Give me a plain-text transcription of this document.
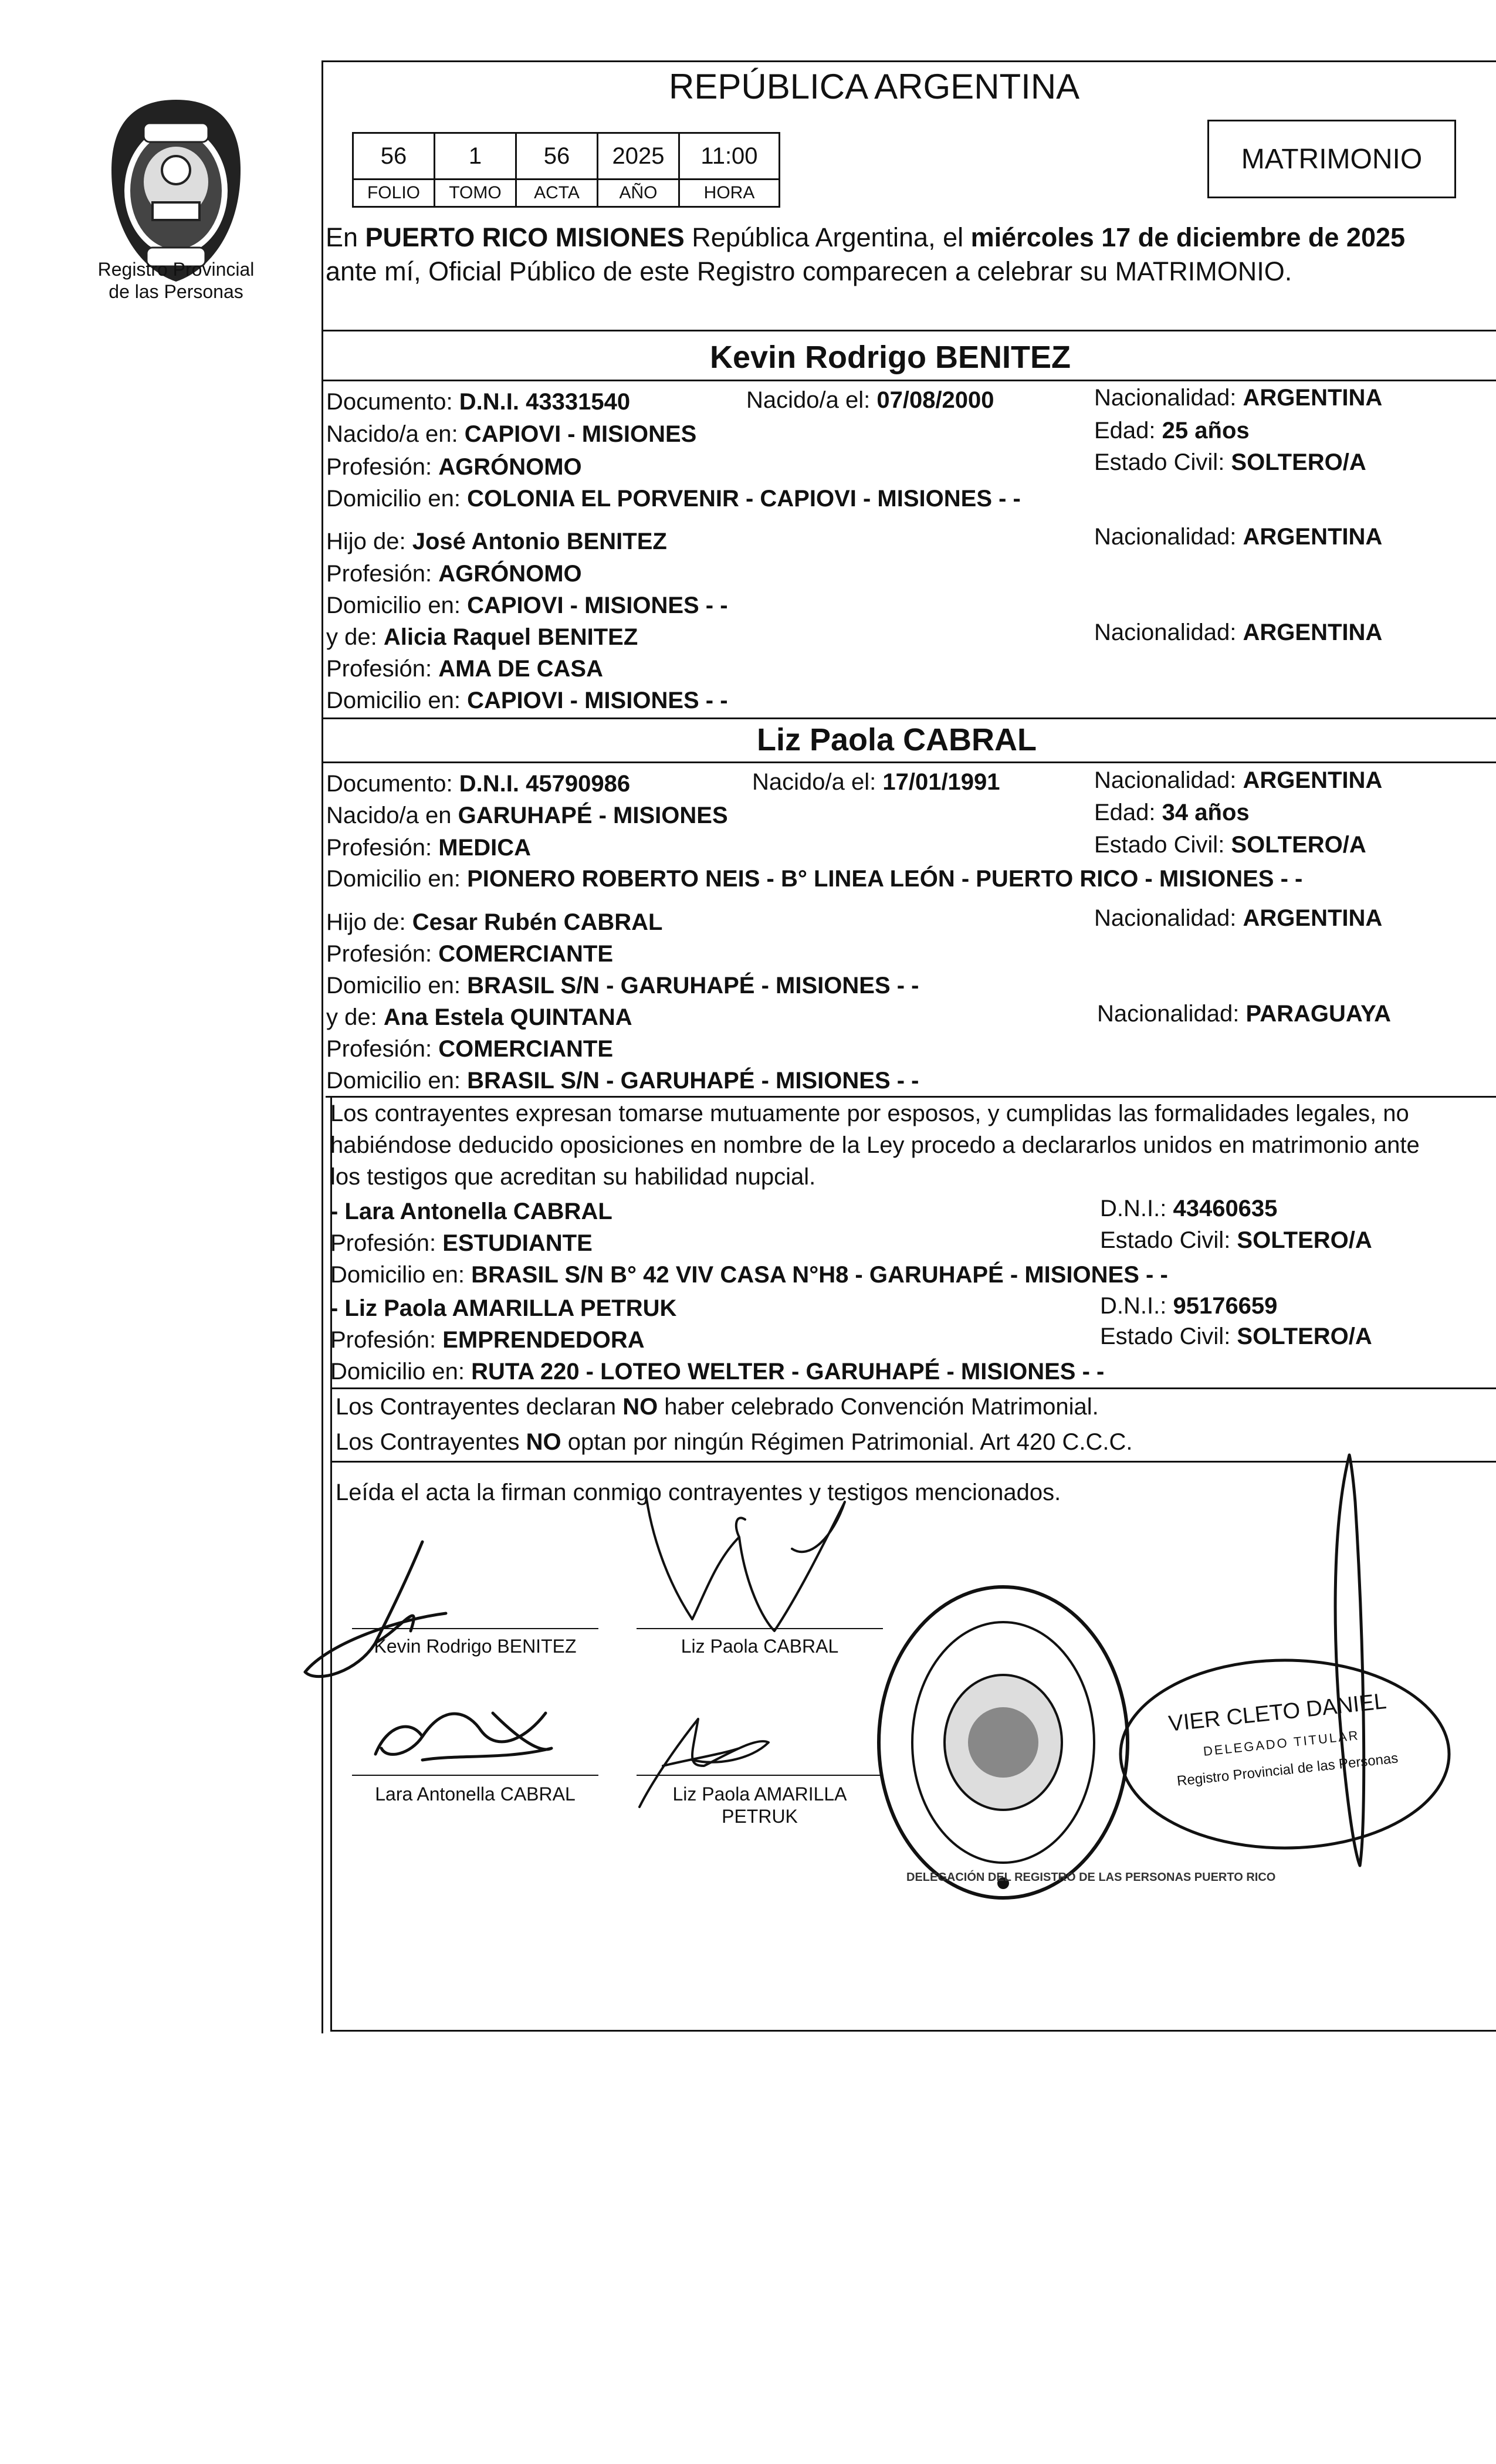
Registro Provincial
de las Personas
REPÚBLICA ARGENTINA
56	1	56	2025	11:00
FOLIO	TOMO	ACTA	AÑO	HORA
MATRIMONIO
En PUERTO RICO MISIONES República Argentina, el miércoles 17 de diciembre de 2025
ante mí, Oficial Público de este Registro comparecen a celebrar su MATRIMONIO.
Kevin Rodrigo BENITEZ
Documento: D.N.I. 43331540	Nacido/a el: 07/08/2000	Nacionalidad: ARGENTINA
Nacido/a en: CAPIOVI - MISIONES	Edad: 25 años
Profesión: AGRÓNOMO	Estado Civil: SOLTERO/A
Domicilio en: COLONIA EL PORVENIR - CAPIOVI - MISIONES - -
Hijo de: José Antonio BENITEZ	Nacionalidad: ARGENTINA
Profesión: AGRÓNOMO
Domicilio en: CAPIOVI - MISIONES - -
y de: Alicia Raquel BENITEZ	Nacionalidad: ARGENTINA
Profesión: AMA DE CASA
Domicilio en: CAPIOVI - MISIONES - -
Liz Paola CABRAL
Documento: D.N.I. 45790986	Nacido/a el: 17/01/1991	Nacionalidad: ARGENTINA
Nacido/a en GARUHAPÉ - MISIONES	Edad: 34 años
Profesión: MEDICA	Estado Civil: SOLTERO/A
Domicilio en: PIONERO ROBERTO NEIS - B° LINEA LEÓN - PUERTO RICO - MISIONES - -
Hijo de: Cesar Rubén CABRAL	Nacionalidad: ARGENTINA
Profesión: COMERCIANTE
Domicilio en: BRASIL S/N - GARUHAPÉ - MISIONES - -
y de: Ana Estela QUINTANA	Nacionalidad: PARAGUAYA
Profesión: COMERCIANTE
Domicilio en: BRASIL S/N - GARUHAPÉ - MISIONES - -
Los contrayentes expresan tomarse mutuamente por esposos, y cumplidas las formalidades legales, no
habiéndose deducido oposiciones en nombre de la Ley procedo a declararlos unidos en matrimonio ante
los testigos que acreditan su habilidad nupcial.
- Lara Antonella CABRAL	D.N.I.: 43460635
Profesión: ESTUDIANTE	Estado Civil: SOLTERO/A
Domicilio en: BRASIL S/N B° 42 VIV CASA N°H8 - GARUHAPÉ - MISIONES - -
- Liz Paola AMARILLA PETRUK	D.N.I.: 95176659
Profesión: EMPRENDEDORA	Estado Civil: SOLTERO/A
Domicilio en: RUTA 220 - LOTEO WELTER - GARUHAPÉ - MISIONES - -
Los Contrayentes declaran NO haber celebrado Convención Matrimonial.
Los Contrayentes NO optan por ningún Régimen Patrimonial. Art 420 C.C.C.
Leída el acta la firman conmigo contrayentes y testigos mencionados.
Kevin Rodrigo BENITEZ	Liz Paola CABRAL
Lara Antonella CABRAL	Liz Paola AMARILLA
PETRUK
DELEGACIÓN DEL REGISTRO DE LAS PERSONAS PUERTO RICO
VIER CLETO DANIEL
DELEGADO TITULAR
Registro Provincial de las Personas
